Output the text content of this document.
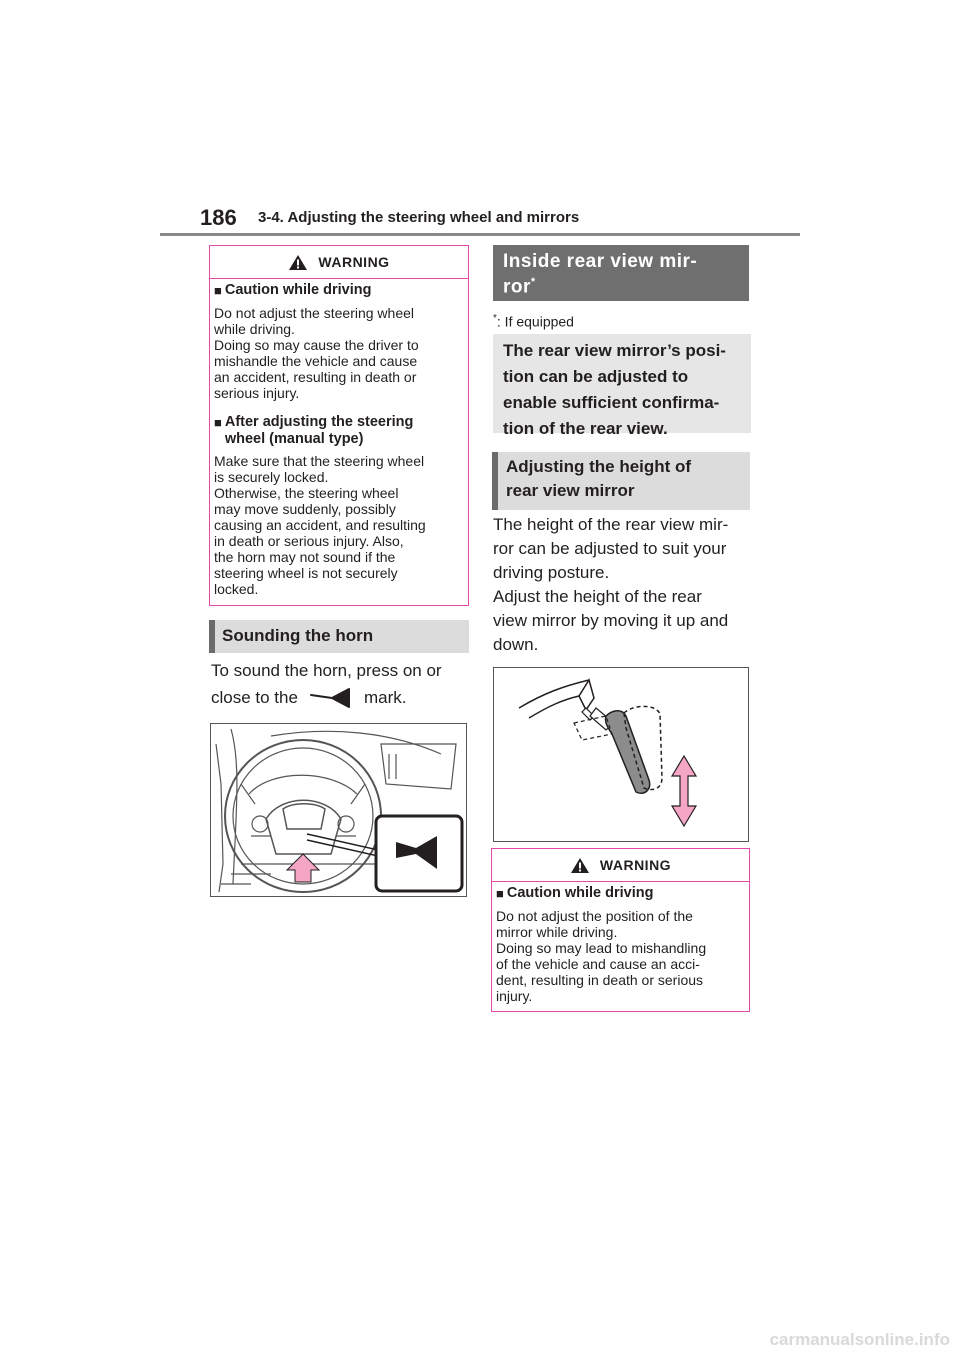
186 3-4. Adjusting the steering wheel and mirrors
WARNING
■ Caution while driving
Do not adjust the steering wheel
while driving.
Doing so may cause the driver to
mishandle the vehicle and cause
an accident, resulting in death or
serious injury.
■ After adjusting the steering
wheel (manual type)
Make sure that the steering wheel
is securely locked.
Otherwise, the steering wheel
may move suddenly, possibly
causing an accident, and resulting
in death or serious injury. Also,
the horn may not sound if the
steering wheel is not securely
locked.
Sounding the horn
To sound the horn, press on or
close to the	mark.
Inside rear view mir-
ror*
*: If equipped
The rear view mirror’s posi-
tion can be adjusted to
enable sufficient confirma-
tion of the rear view.
Adjusting the height of
rear view mirror
The height of the rear view mir-
ror can be adjusted to suit your
driving posture.
Adjust the height of the rear
view mirror by moving it up and
down.
WARNING
■ Caution while driving
Do not adjust the position of the
mirror while driving.
Doing so may lead to mishandling
of the vehicle and cause an acci-
dent, resulting in death or serious
injury.
carmanualsonline.info
